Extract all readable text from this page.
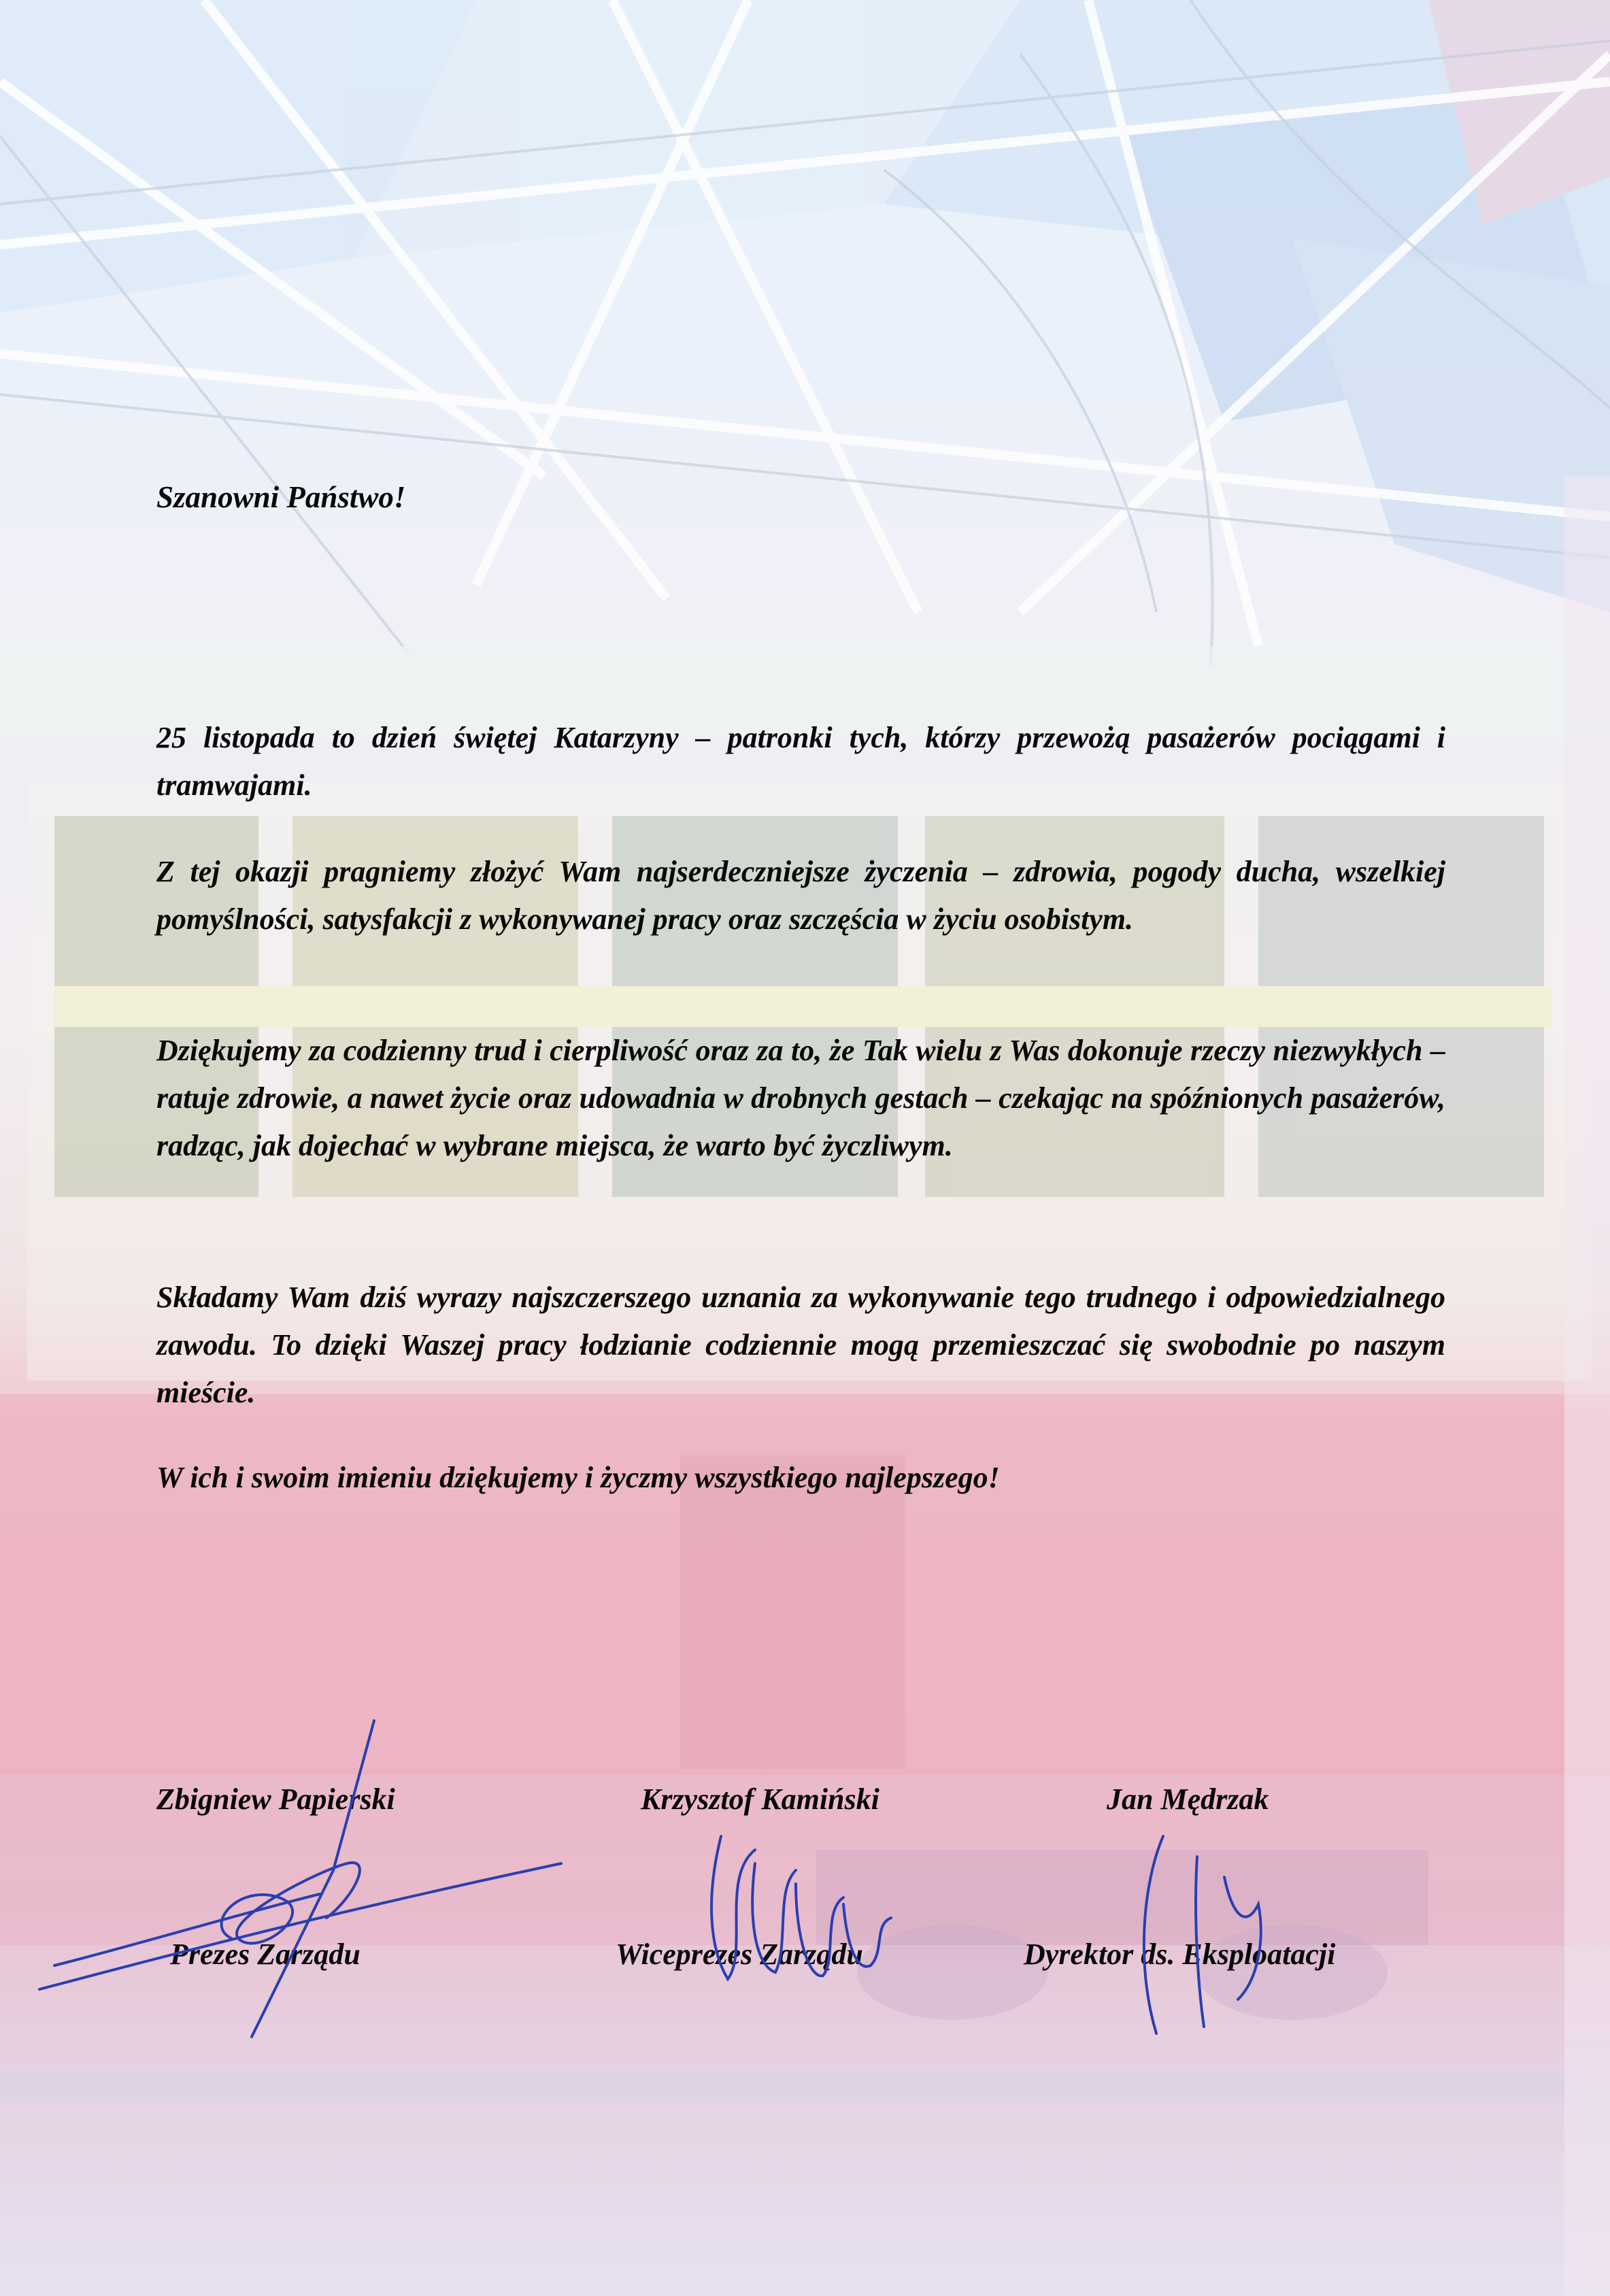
Szanowni Państwo!

25 listopada to dzień świętej Katarzyny – patronki tych, którzy przewożą pasażerów pociągami i tramwajami.

Z tej okazji pragniemy złożyć Wam najserdeczniejsze życzenia – zdrowia, pogody ducha, wszelkiej pomyślności, satysfakcji z wykonywanej pracy oraz szczęścia w życiu osobistym.

Dziękujemy za codzienny trud i cierpliwość oraz za to, że Tak wielu z Was dokonuje rzeczy niezwykłych – ratuje zdrowie, a nawet życie oraz udowadnia w drobnych gestach – czekając na spóźnionych pasażerów, radząc, jak dojechać w wybrane miejsca, że warto być życzliwym.

Składamy Wam dziś wyrazy najszczerszego uznania za wykonywanie tego trudnego i odpowiedzialnego zawodu. To dzięki Waszej pracy łodzianie codziennie mogą przemieszczać się swobodnie po naszym mieście.

W ich i swoim imieniu dziękujemy i życzmy wszystkiego najlepszego!

Zbigniew Papierski	Krzysztof Kamiński	Jan Mędrzak
Prezes Zarządu	Wiceprezes Zarządu	Dyrektor ds. Eksploatacji
